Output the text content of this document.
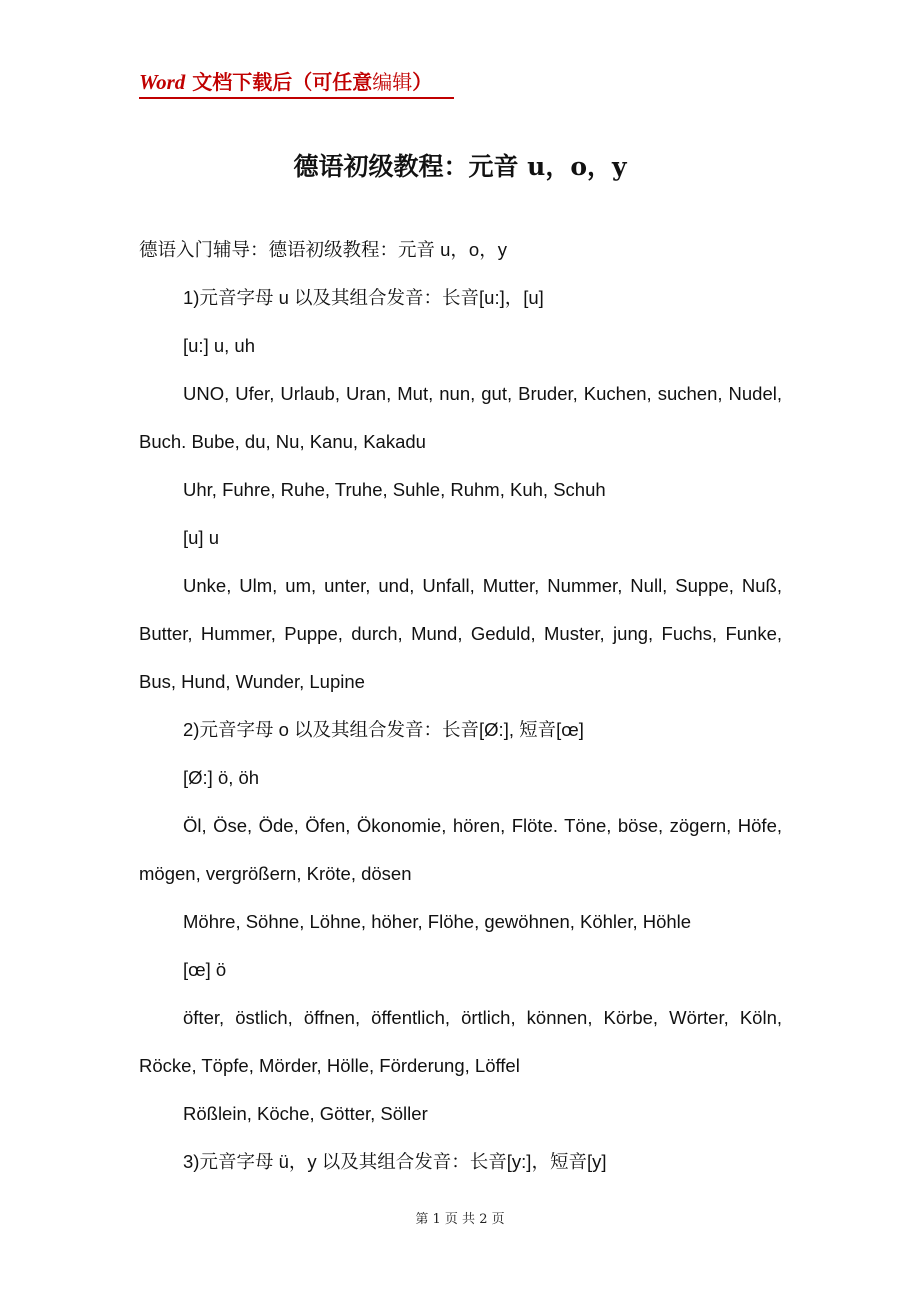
Word 文档下载后（可任意编辑）
德语初级教程：元音 u，o，y

德语入门辅导：德语初级教程：元音 u，o，y

1)元音字母 u 以及其组合发音：长音[u:]，[u]

[u:] u, uh

UNO, Ufer, Urlaub, Uran, Mut, nun, gut, Bruder, Kuchen, suchen, Nudel, Buch. Bube, du, Nu, Kanu, Kakadu

Uhr, Fuhre, Ruhe, Truhe, Suhle, Ruhm, Kuh, Schuh

[u] u

Unke, Ulm, um, unter, und, Unfall, Mutter, Nummer, Null, Suppe, Nuß, Butter, Hummer, Puppe, durch, Mund, Geduld, Muster, jung, Fuchs, Funke, Bus, Hund, Wunder, Lupine

2)元音字母 o 以及其组合发音：长音[Ø:], 短音[œ]

[Ø:] ö, öh

Öl, Öse, Öde, Öfen, Ökonomie, hören, Flöte. Töne, böse, zögern, Höfe, mögen, vergrößern, Kröte, dösen

Möhre, Söhne, Löhne, höher, Flöhe, gewöhnen, Köhler, Höhle

[œ] ö

öfter, östlich, öffnen, öffentlich, örtlich, können, Körbe, Wörter, Köln, Röcke, Töpfe, Mörder, Hölle, Förderung, Löffel

Rößlein, Köche, Götter, Söller

3)元音字母 ü，y 以及其组合发音：长音[y:]，短音[y]

第 1 页 共 2 页
